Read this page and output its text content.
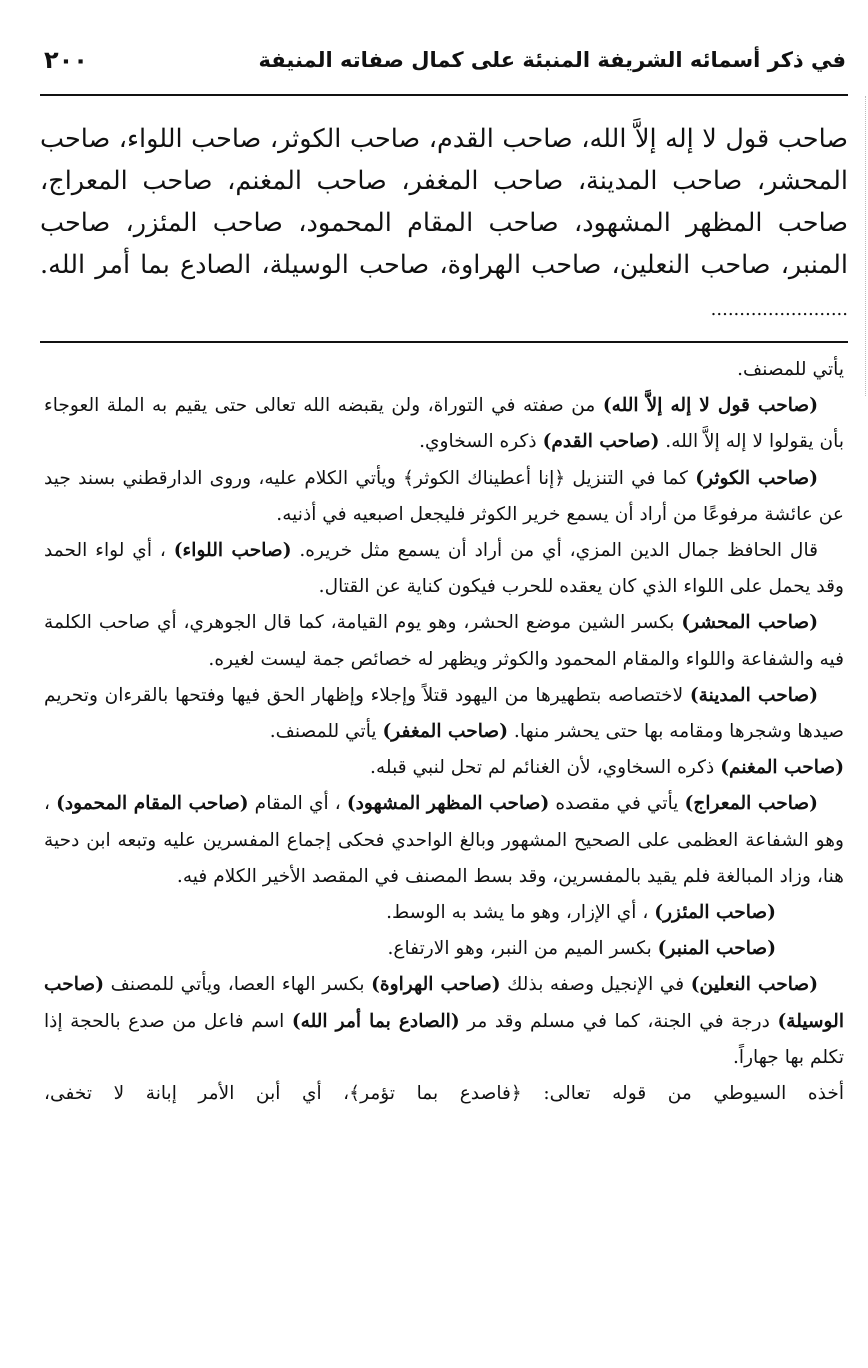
في ذكر أسمائه الشريفة المنبئة على كمال صفاته المنيفة
٢٠٠

صاحب قول لا إله إلاَّ الله، صاحب القدم، صاحب الكوثر، صاحب اللواء، صاحب المحشر، صاحب المدينة، صاحب المغفر، صاحب المغنم، صاحب المعراج، صاحب المظهر المشهود، صاحب المقام المحمود، صاحب المئزر، صاحب المنبر، صاحب النعلين، صاحب الهراوة، صاحب الوسيلة، الصادع بما أمر الله. ........................

يأتي للمصنف.

(صاحب قول لا إله إلاَّ الله) من صفته في التوراة، ولن يقبضه الله تعالى حتى يقيم به الملة العوجاء بأن يقولوا لا إله إلاَّ الله. (صاحب القدم) ذكره السخاوي.

(صاحب الكوثر) كما في التنزيل ﴿إنا أعطيناك الكوثر﴾ ويأتي الكلام عليه، وروى الدارقطني بسند جيد عن عائشة مرفوعًا من أراد أن يسمع خرير الكوثر فليجعل اصبعيه في أذنيه.

قال الحافظ جمال الدين المزي، أي من أراد أن يسمع مثل خريره. (صاحب اللواء) ، أي لواء الحمد وقد يحمل على اللواء الذي كان يعقده للحرب فيكون كناية عن القتال.

(صاحب المحشر) بكسر الشين موضع الحشر، وهو يوم القيامة، كما قال الجوهري، أي صاحب الكلمة فيه والشفاعة واللواء والمقام المحمود والكوثر ويظهر له خصائص جمة ليست لغيره.

(صاحب المدينة) لاختصاصه بتطهيرها من اليهود قتلاً وإجلاء وإظهار الحق فيها وفتحها بالقرءان وتحريم صيدها وشجرها ومقامه بها حتى يحشر منها. (صاحب المغفر) يأتي للمصنف.

(صاحب المغنم) ذكره السخاوي، لأن الغنائم لم تحل لنبي قبله.

(صاحب المعراج) يأتي في مقصده (صاحب المظهر المشهود) ، أي المقام (صاحب المقام المحمود) ، وهو الشفاعة العظمى على الصحيح المشهور وبالغ الواحدي فحكى إجماع المفسرين عليه وتبعه ابن دحية هنا، وزاد المبالغة فلم يقيد بالمفسرين، وقد بسط المصنف في المقصد الأخير الكلام فيه.

(صاحب المئزر) ، أي الإزار، وهو ما يشد به الوسط.

(صاحب المنبر) بكسر الميم من النبر، وهو الارتفاع.

(صاحب النعلين) في الإنجيل وصفه بذلك (صاحب الهراوة) بكسر الهاء العصا، ويأتي للمصنف (صاحب الوسيلة) درجة في الجنة، كما في مسلم وقد مر (الصادع بما أمر الله) اسم فاعل من صدع بالحجة إذا تكلم بها جهاراً.

أخذه السيوطي من قوله تعالى: ﴿فاصدع بما تؤمر﴾، أي أبن الأمر إبانة لا تخفى،
